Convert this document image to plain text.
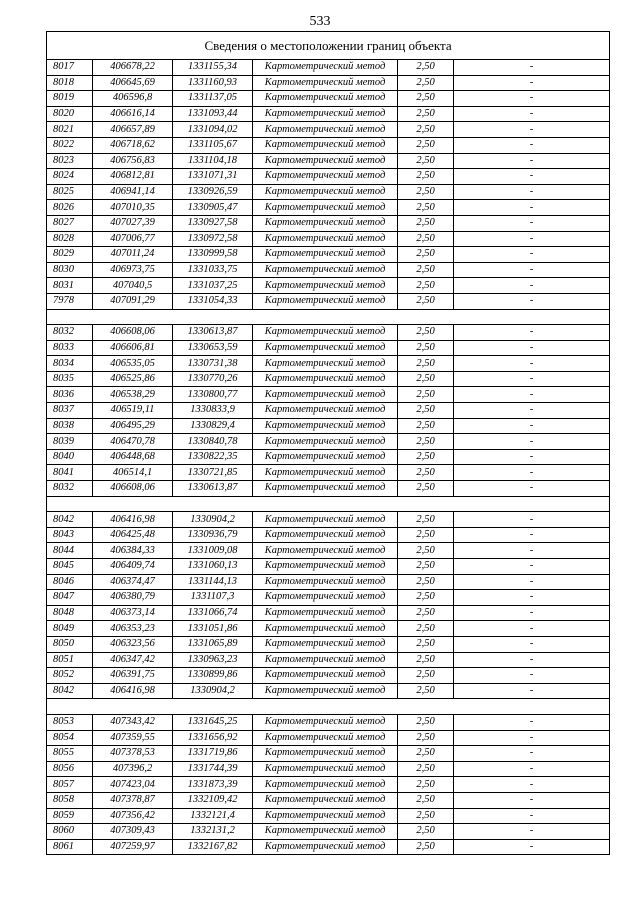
533
Сведения о местоположении границ объекта					
8017	406678,22	1331155,34	Картометрический метод	2,50	-
8018	406645,69	1331160,93	Картометрический метод	2,50	-
8019	406596,8	1331137,05	Картометрический метод	2,50	-
8020	406616,14	1331093,44	Картометрический метод	2,50	-
8021	406657,89	1331094,02	Картометрический метод	2,50	-
8022	406718,62	1331105,67	Картометрический метод	2,50	-
8023	406756,83	1331104,18	Картометрический метод	2,50	-
8024	406812,81	1331071,31	Картометрический метод	2,50	-
8025	406941,14	1330926,59	Картометрический метод	2,50	-
8026	407010,35	1330905,47	Картометрический метод	2,50	-
8027	407027,39	1330927,58	Картометрический метод	2,50	-
8028	407006,77	1330972,58	Картометрический метод	2,50	-
8029	407011,24	1330999,58	Картометрический метод	2,50	-
8030	406973,75	1331033,75	Картометрический метод	2,50	-
8031	407040,5	1331037,25	Картометрический метод	2,50	-
7978	407091,29	1331054,33	Картометрический метод	2,50	-

8032	406608,06	1330613,87	Картометрический метод	2,50	-
8033	406606,81	1330653,59	Картометрический метод	2,50	-
8034	406535,05	1330731,38	Картометрический метод	2,50	-
8035	406525,86	1330770,26	Картометрический метод	2,50	-
8036	406538,29	1330800,77	Картометрический метод	2,50	-
8037	406519,11	1330833,9	Картометрический метод	2,50	-
8038	406495,29	1330829,4	Картометрический метод	2,50	-
8039	406470,78	1330840,78	Картометрический метод	2,50	-
8040	406448,68	1330822,35	Картометрический метод	2,50	-
8041	406514,1	1330721,85	Картометрический метод	2,50	-
8032	406608,06	1330613,87	Картометрический метод	2,50	-

8042	406416,98	1330904,2	Картометрический метод	2,50	-
8043	406425,48	1330936,79	Картометрический метод	2,50	-
8044	406384,33	1331009,08	Картометрический метод	2,50	-
8045	406409,74	1331060,13	Картометрический метод	2,50	-
8046	406374,47	1331144,13	Картометрический метод	2,50	-
8047	406380,79	1331107,3	Картометрический метод	2,50	-
8048	406373,14	1331066,74	Картометрический метод	2,50	-
8049	406353,23	1331051,86	Картометрический метод	2,50	-
8050	406323,56	1331065,89	Картометрический метод	2,50	-
8051	406347,42	1330963,23	Картометрический метод	2,50	-
8052	406391,75	1330899,86	Картометрический метод	2,50	-
8042	406416,98	1330904,2	Картометрический метод	2,50	-

8053	407343,42	1331645,25	Картометрический метод	2,50	-
8054	407359,55	1331656,92	Картометрический метод	2,50	-
8055	407378,53	1331719,86	Картометрический метод	2,50	-
8056	407396,2	1331744,39	Картометрический метод	2,50	-
8057	407423,04	1331873,39	Картометрический метод	2,50	-
8058	407378,87	1332109,42	Картометрический метод	2,50	-
8059	407356,42	1332121,4	Картометрический метод	2,50	-
8060	407309,43	1332131,2	Картометрический метод	2,50	-
8061	407259,97	1332167,82	Картометрический метод	2,50	-
